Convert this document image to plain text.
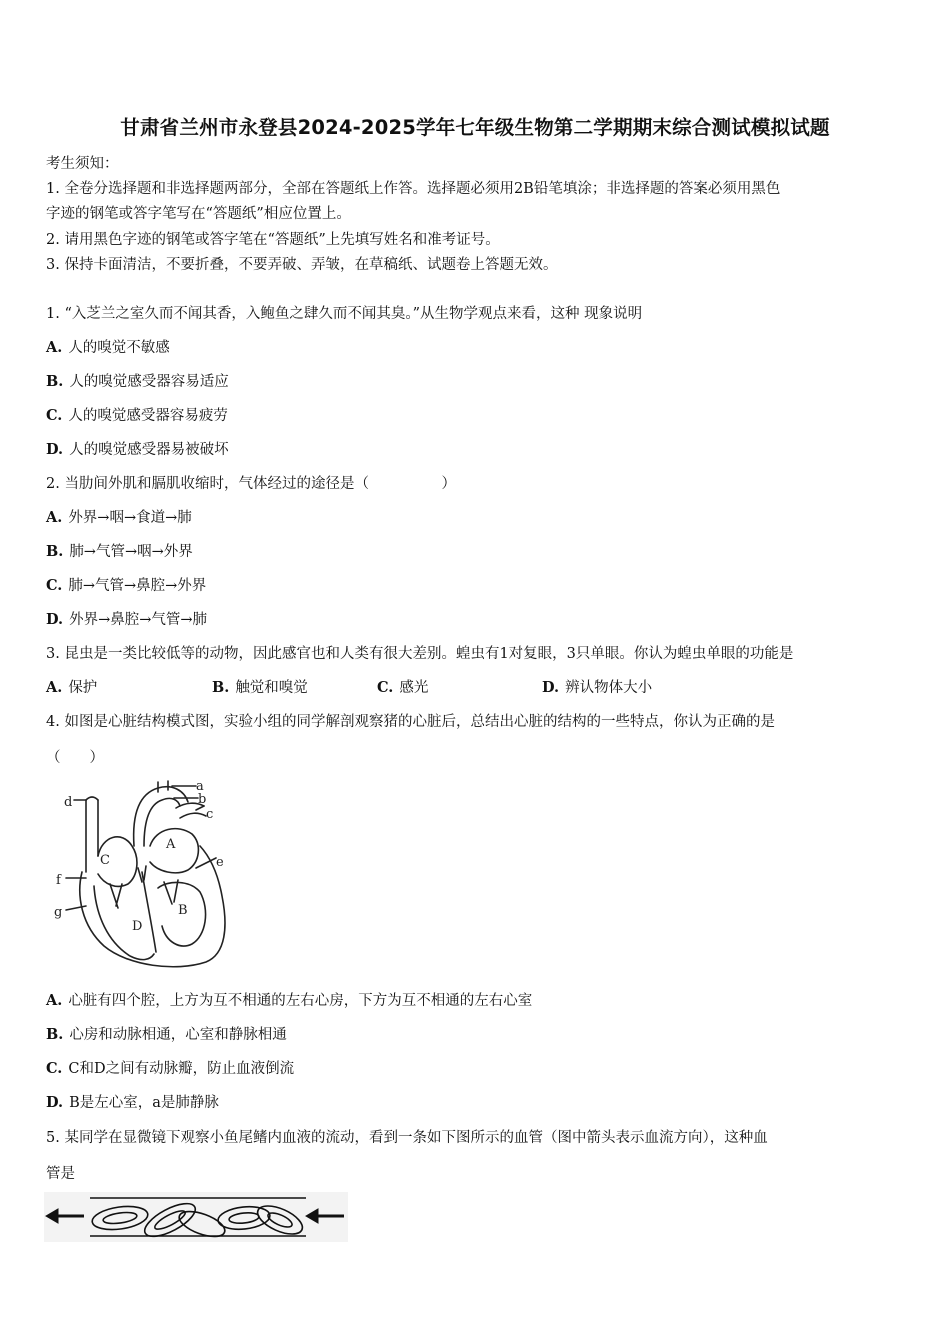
甘肃省兰州市永登县2024-2025学年七年级生物第二学期期末综合测试模拟试题
考生须知：
1. 全卷分选择题和非选择题两部分，全部在答题纸上作答。选择题必须用2B铅笔填涂；非选择题的答案必须用黑色
字迹的钢笔或答字笔写在“答题纸”相应位置上。
2. 请用黑色字迹的钢笔或答字笔在“答题纸”上先填写姓名和准考证号。
3. 保持卡面清洁，不要折叠，不要弄破、弄皱，在草稿纸、试题卷上答题无效。
1. “入芝兰之室久而不闻其香，入鲍鱼之肆久而不闻其臭。”从生物学观点来看，这种 现象说明
A. 人的嗅觉不敏感
B. 人的嗅觉感受器容易适应
C. 人的嗅觉感受器容易疲劳
D. 人的嗅觉感受器易被破坏
2. 当肋间外肌和膈肌收缩时，气体经过的途径是（　　　　　）
A. 外界→咽→食道→肺
B. 肺→气管→咽→外界
C. 肺→气管→鼻腔→外界
D. 外界→鼻腔→气管→肺
3. 昆虫是一类比较低等的动物，因此感官也和人类有很大差别。蝗虫有1对复眼，3只单眼。你认为蝗虫单眼的功能是
A. 保护	B. 触觉和嗅觉	C. 感光	D. 辨认物体大小
4. 如图是心脏结构模式图，实验小组的同学解剖观察猪的心脏后，总结出心脏的结构的一些特点，你认为正确的是
（　　）
a
b
c
d
e
f
g
A
B
C
D
A. 心脏有四个腔，上方为互不相通的左右心房，下方为互不相通的左右心室
B. 心房和动脉相通，心室和静脉相通
C. C和D之间有动脉瓣，防止血液倒流
D. B是左心室，a是肺静脉
5. 某同学在显微镜下观察小鱼尾鳍内血液的流动，看到一条如下图所示的血管（图中箭头表示血流方向），这种血
管是
